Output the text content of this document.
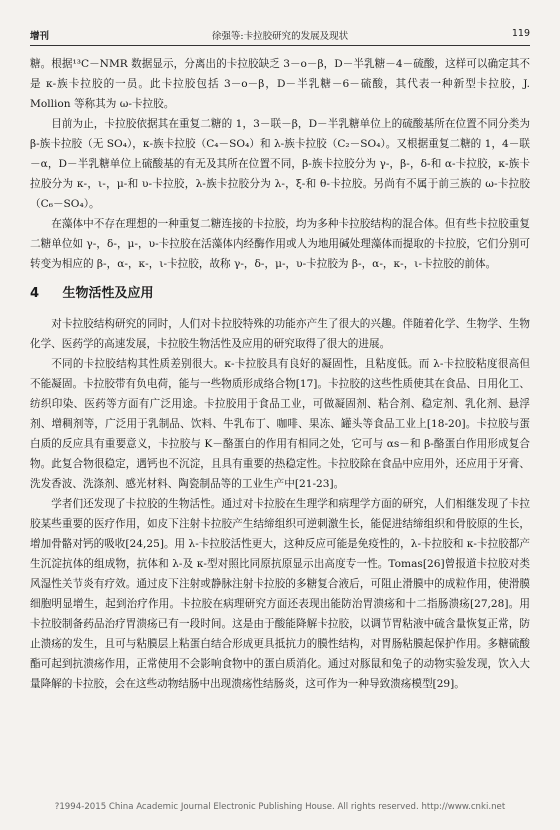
增刊	徐强等:卡拉胶研究的发展及现状	119

糖。根据¹³C－NMR 数据显示，分离出的卡拉胶缺乏 3－o－β，D－半乳糖－4－硫酸，这样可以确定其不是 κ-族卡拉胶的一员。此卡拉胶包括 3－o－β，D－半乳糖－6－硫酸，其代表一种新型卡拉胶，J. Mollion 等称其为 ω-卡拉胶。

目前为止，卡拉胶依据其在重复二糖的 1，3－联－β，D－半乳糖单位上的硫酸基所在位置不同分类为 β-族卡拉胶（无 SO₄），κ-族卡拉胶（C₄－SO₄）和 λ-族卡拉胶（C₂－SO₄）。又根据重复二糖的 1，4－联－α，D－半乳糖单位上硫酸基的有无及其所在位置不同，β-族卡拉胶分为 γ-，β-，δ-和 α-卡拉胶，κ-族卡拉胶分为 κ-，ι-，μ-和 υ-卡拉胶，λ-族卡拉胶分为 λ-，ξ-和 θ-卡拉胶。另尚有不属于前三族的 ω-卡拉胶（C₆－SO₄）。

在藻体中不存在理想的一种重复二糖连接的卡拉胶，均为多种卡拉胶结构的混合体。但有些卡拉胶重复二糖单位如 γ-，δ-，μ-，υ-卡拉胶在活藻体内经酶作用或人为地用碱处理藻体而提取的卡拉胶，它们分别可转变为相应的 β-，α-，κ-，ι-卡拉胶，故称 γ-，δ-，μ-，υ-卡拉胶为 β-，α-，κ-，ι-卡拉胶的前体。

4 生物活性及应用

对卡拉胶结构研究的同时，人们对卡拉胶特殊的功能亦产生了很大的兴趣。伴随着化学、生物学、生物化学、医药学的高速发展，卡拉胶生物活性及应用的研究取得了很大的进展。

不同的卡拉胶结构其性质差别很大。κ-卡拉胶具有良好的凝固性，且粘度低。而 λ-卡拉胶粘度很高但不能凝固。卡拉胶带有负电荷，能与一些物质形成络合物[17]。卡拉胶的这些性质使其在食品、日用化工、纺织印染、医药等方面有广泛用途。卡拉胶用于食品工业，可做凝固剂、粘合剂、稳定剂、乳化剂、悬浮剂、增稠剂等，广泛用于乳制品、饮料、牛乳布丁、咖啡、果冻、罐头等食品工业上[18-20]。卡拉胶与蛋白质的反应具有重要意义，卡拉胶与 K－酪蛋白的作用有相同之处，它可与 αs－和 β-酪蛋白作用形成复合物。此复合物很稳定，遇钙也不沉淀，且具有重要的热稳定性。卡拉胶除在食品中应用外，还应用于牙膏、洗发香波、洗涤剂、感光材料、陶瓷制品等的工业生产中[21-23]。

学者们还发现了卡拉胶的生物活性。通过对卡拉胶在生理学和病理学方面的研究，人们相继发现了卡拉胶某些重要的医疗作用，如皮下注射卡拉胶产生结缔组织可逆刺激生长，能促进结缔组织和骨胶原的生长，增加骨骼对钙的吸收[24,25]。用 λ-卡拉胶活性更大，这种反应可能是免疫性的，λ-卡拉胶和 κ-卡拉胶都产生沉淀抗体的组成物，抗体和 λ-及 κ-型对照比同原抗原显示出高度专一性。Tomas[26]曾报道卡拉胶对类风湿性关节炎有疗效。通过皮下注射或静脉注射卡拉胶的多糖复合液后，可阻止滑膜中的成粒作用，使滑膜细胞明显增生，起到治疗作用。卡拉胶在病理研究方面还表现出能防治胃溃疡和十二指肠溃疡[27,28]。用卡拉胶制备药品治疗胃溃疡已有一段时间。这是由于酸能降解卡拉胶，以调节胃粘液中硫含量恢复正常，防止溃疡的发生，且可与粘膜层上粘蛋白结合形成更具抵抗力的膜性结构，对胃肠粘膜起保护作用。多糖硫酸酯可起到抗溃疡作用，正常使用不会影响食物中的蛋白质消化。通过对豚鼠和兔子的动物实验发现，饮入大量降解的卡拉胶，会在这些动物结肠中出现溃疡性结肠炎，这可作为一种导致溃疡模型[29]。

?1994-2015 China Academic Journal Electronic Publishing House. All rights reserved. http://www.cnki.net
